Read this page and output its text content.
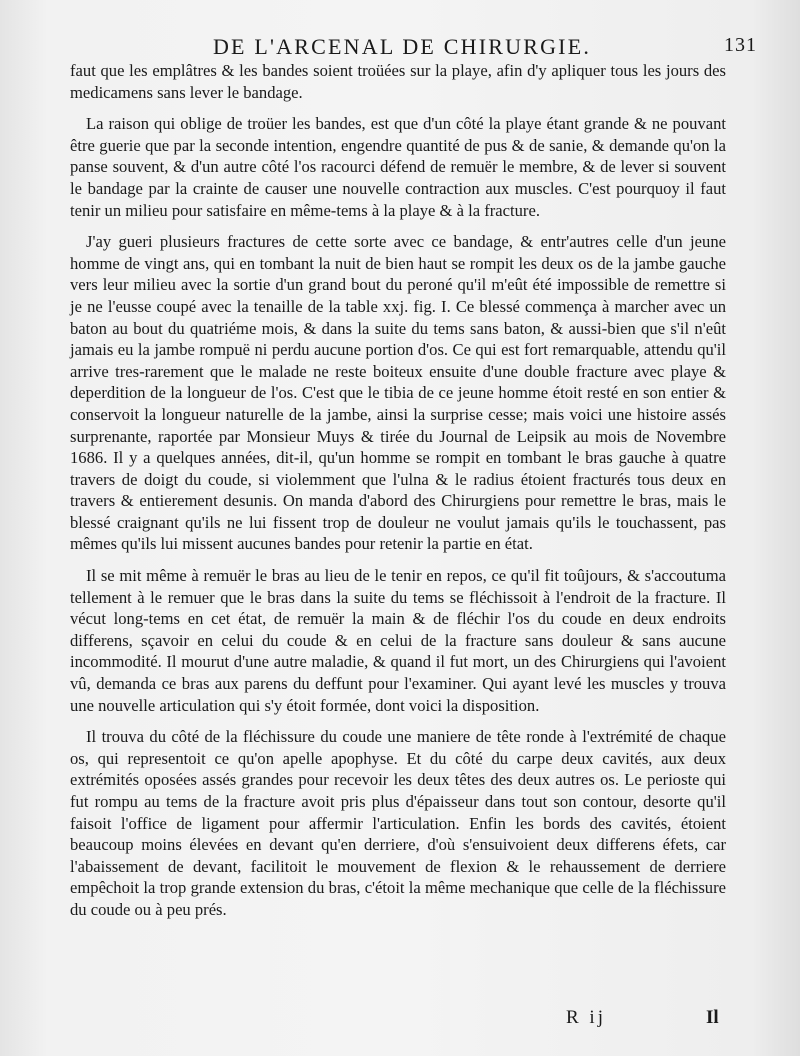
DE L'ARCENAL DE CHIRURGIE.	131

faut que les emplâtres & les bandes soient troüées sur la playe, afin d'y apliquer tous les jours des medicamens sans lever le bandage.

La raison qui oblige de troüer les bandes, est que d'un côté la playe étant grande & ne pouvant être guerie que par la seconde intention, engendre quantité de pus & de sanie, & demande qu'on la panse souvent, & d'un autre côté l'os racourci défend de remuër le membre, & de lever si souvent le bandage par la crainte de causer une nouvelle contraction aux muscles. C'est pourquoy il faut tenir un milieu pour satisfaire en même-tems à la playe & à la fracture.

J'ay gueri plusieurs fractures de cette sorte avec ce bandage, & entr'autres celle d'un jeune homme de vingt ans, qui en tombant la nuit de bien haut se rompit les deux os de la jambe gauche vers leur milieu avec la sortie d'un grand bout du peroné qu'il m'eût été impossible de remettre si je ne l'eusse coupé avec la tenaille de la table xxj. fig. I. Ce blessé commença à marcher avec un baton au bout du quatriéme mois, & dans la suite du tems sans baton, & aussi-bien que s'il n'eût jamais eu la jambe rompuë ni perdu aucune portion d'os. Ce qui est fort remarquable, attendu qu'il arrive tres-rarement que le malade ne reste boiteux ensuite d'une double fracture avec playe & deperdition de la longueur de l'os. C'est que le tibia de ce jeune homme étoit resté en son entier & conservoit la longueur naturelle de la jambe, ainsi la surprise cesse; mais voici une histoire assés surprenante, raportée par Monsieur Muys & tirée du Journal de Leipsik au mois de Novembre 1686. Il y a quelques années, dit-il, qu'un homme se rompit en tombant le bras gauche à quatre travers de doigt du coude, si violemment que l'ulna & le radius étoient fracturés tous deux en travers & entierement desunis. On manda d'abord des Chirurgiens pour remettre le bras, mais le blessé craignant qu'ils ne lui fissent trop de douleur ne voulut jamais qu'ils le touchassent, pas mêmes qu'ils lui missent aucunes bandes pour retenir la partie en état.

Il se mit même à remuër le bras au lieu de le tenir en repos, ce qu'il fit toûjours, & s'accoutuma tellement à le remuer que le bras dans la suite du tems se fléchissoit à l'endroit de la fracture. Il vécut long-tems en cet état, de remuër la main & de fléchir l'os du coude en deux endroits differens, sçavoir en celui du coude & en celui de la fracture sans douleur & sans aucune incommodité. Il mourut d'une autre maladie, & quand il fut mort, un des Chirurgiens qui l'avoient vû, demanda ce bras aux parens du deffunt pour l'examiner. Qui ayant levé les muscles y trouva une nouvelle articulation qui s'y étoit formée, dont voici la disposition.

Il trouva du côté de la fléchissure du coude une maniere de tête ronde à l'extrémité de chaque os, qui representoit ce qu'on apelle apophyse. Et du côté du carpe deux cavités, aux deux extrémités oposées assés grandes pour recevoir les deux têtes des deux autres os. Le perioste qui fut rompu au tems de la fracture avoit pris plus d'épaisseur dans tout son contour, desorte qu'il faisoit l'office de ligament pour affermir l'articulation. Enfin les bords des cavités, étoient beaucoup moins élevées en devant qu'en derriere, d'où s'ensuivoient deux differens éfets, car l'abaissement de devant, facilitoit le mouvement de flexion & le rehaussement de derriere empêchoit la trop grande extension du bras, c'étoit la même mechanique que celle de la fléchissure du coude ou à peu prés.

R ij	Il
